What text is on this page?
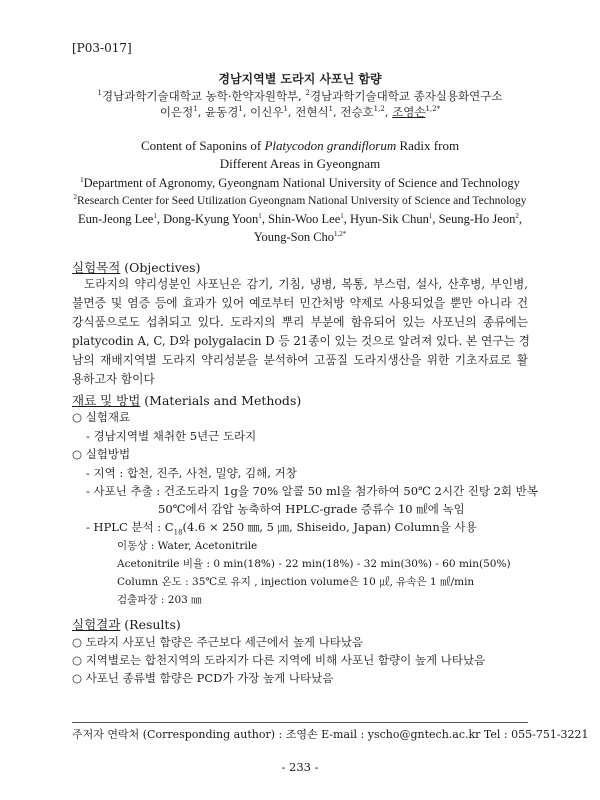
[P03-017]
경남지역별 도라지 사포닌 함량
$^1$경남과학기술대학교 농학·한약자원학부, $^2$경남과학기술대학교 종자실용화연구소
이은정$^1$, 윤동경$^1$, 이신우$^1$, 전현식$^1$, 전승호$^{1,2}$, 조영손$^{1,2*}$
Content of Saponins of Platycodon grandiflorum Radix from
Different Areas in Gyeongnam
$^1$Department of Agronomy, Gyeongnam National University of Science and Technology
$^2$Research Center for Seed Utilization Gyeongnam National University of Science and Technology
Eun-Jeong Lee$^1$, Dong-Kyung Yoon$^1$, Shin-Woo Lee$^1$, Hyun-Sik Chun$^1$, Seung-Ho Jeon$^2$,
Young-Son Cho$^{1,2*}$
실험목적 (Objectives)
도라지의 약리성분인 사포닌은 감기, 기침, 냉병, 복통, 부스럼, 설사, 산후병, 부인병,
불면증 및 염증 등에 효과가 있어 예로부터 민간처방 약제로 사용되었을 뿐만 아니라 건
강식품으로도 섭취되고 있다. 도라지의 뿌리 부분에 함유되어 있는 사포닌의 종류에는
platycodin A, C, D와 polygalacin D 등 21종이 있는 것으로 알려져 있다. 본 연구는 경
남의 재배지역별 도라지 약리성분을 분석하여 고품질 도라지생산을 위한 기초자료로 활
용하고자 함이다
재료 및 방법 (Materials and Methods)
○ 실험재료
- 경남지역별 채취한 5년근 도라지
○ 실험방법
- 지역 : 합천, 진주, 사천, 밀양, 김해, 거창
- 사포닌 추출 : 건조도라지 1g을 70% 알콜 50 ml을 첨가하여 50℃ 2시간 진탕 2회 반복
50℃에서 감압 농축하여 HPLC-grade 증류수 10 ㎖에 녹임
- HPLC 분석 : $C_{18}(4.6 \times 250$ ㎜, 5 ㎛, Shiseido, Japan) Column을 사용
이동상 : Water, Acetonitrile
Acetonitrile 비율 : 0 min(18%) - 22 min(18%) - 32 min(30%) - 60 min(50%)
Column 온도 : 35℃로 유지 , injection volume은 10 ㎕, 유속은 1 ㎖/min
검출파장 : 203 ㎚
실험결과 (Results)
○ 도라지 사포닌 함량은 주근보다 세근에서 높게 나타났음
○ 지역별로는 합천지역의 도라지가 다른 지역에 비해 사포닌 함량이 높게 나타났음
○ 사포닌 종류별 함량은 PCD가 가장 높게 나타났음
주저자 연락처 (Corresponding author) : 조영손 E-mail : yscho@gntech.ac.kr Tel : 055-751-3221
- 233 -
